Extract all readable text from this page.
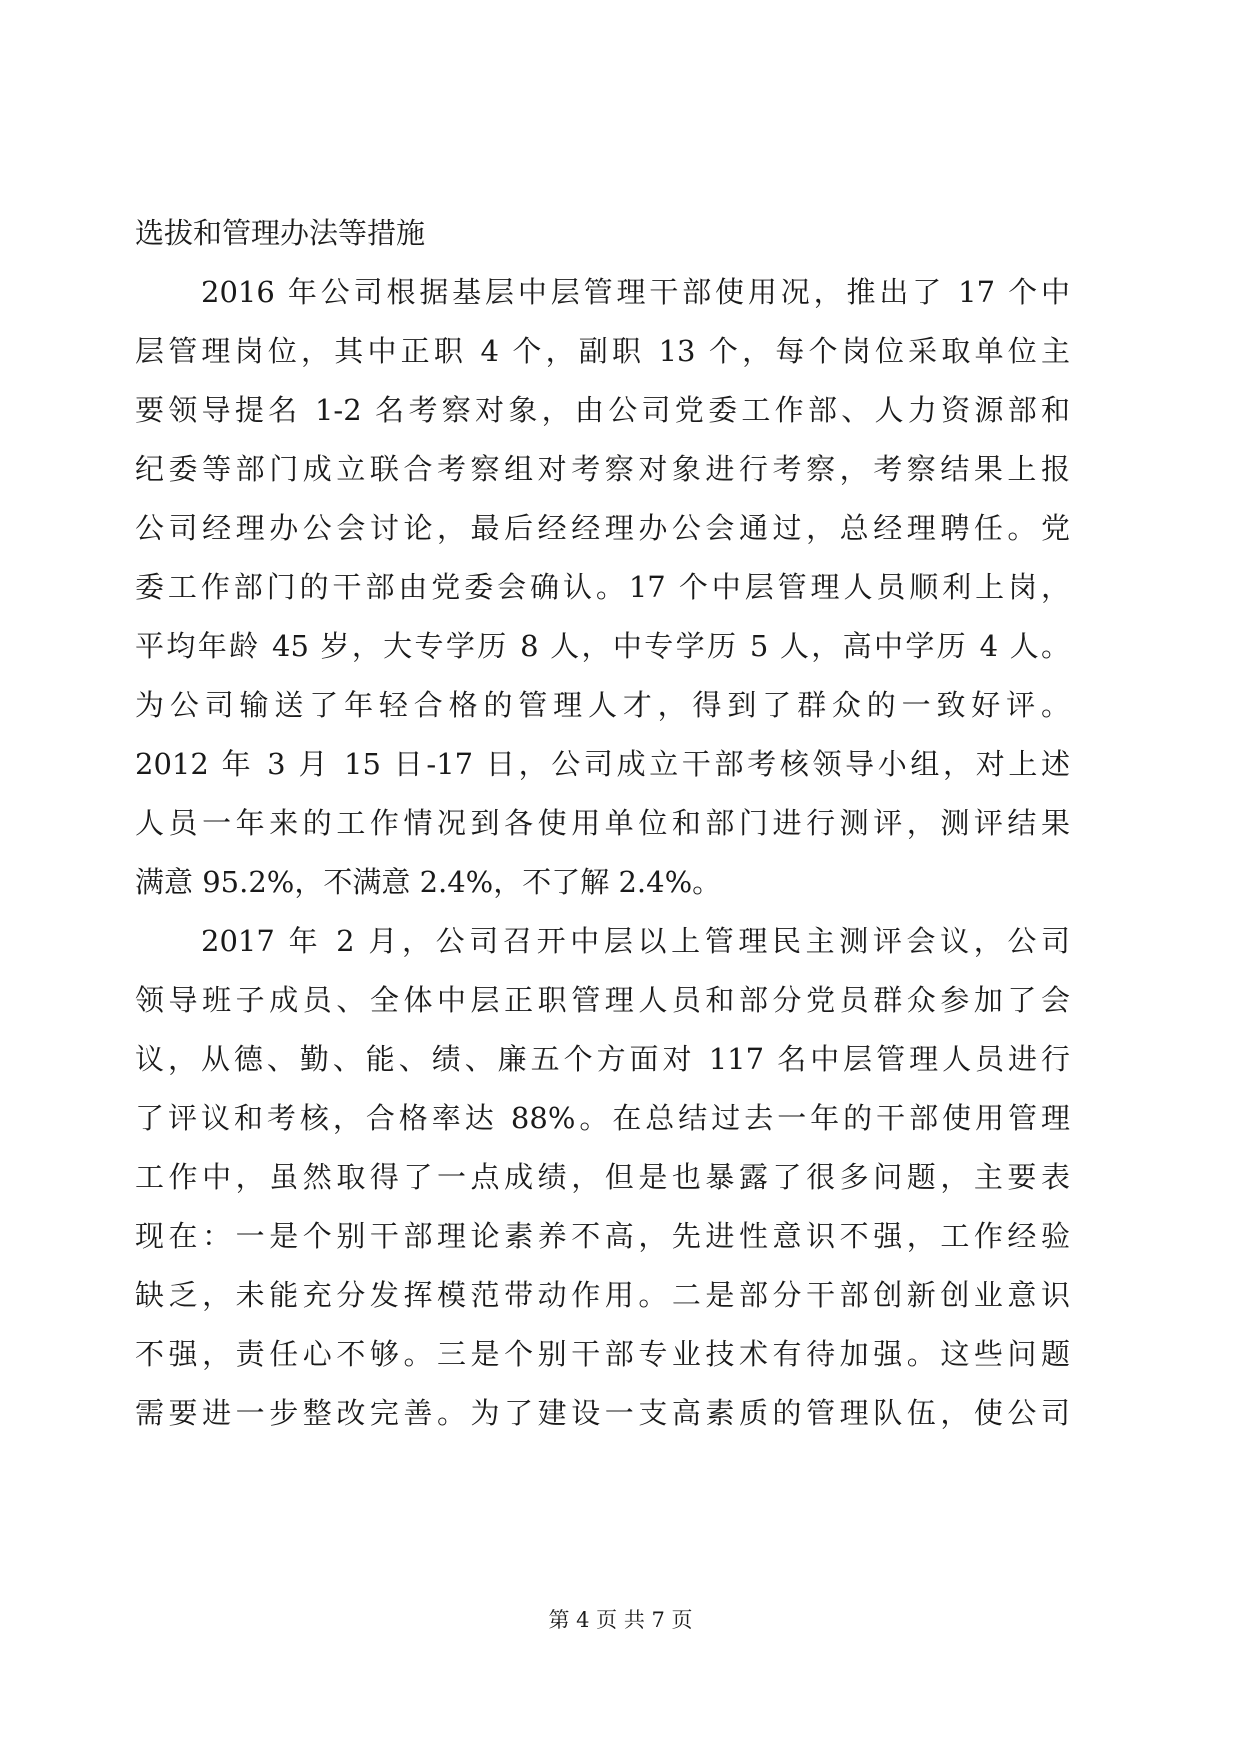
选拔和管理办法等措施
2016 年公司根据基层中层管理干部使用况，推出了 17 个中
层管理岗位，其中正职 4 个，副职 13 个，每个岗位采取单位主
要领导提名 1-2 名考察对象，由公司党委工作部、人力资源部和
纪委等部门成立联合考察组对考察对象进行考察，考察结果上报
公司经理办公会讨论，最后经经理办公会通过，总经理聘任。党
委工作部门的干部由党委会确认。17 个中层管理人员顺利上岗，
平均年龄 45 岁，大专学历 8 人，中专学历 5 人，高中学历 4 人。
为公司输送了年轻合格的管理人才，得到了群众的一致好评。
2012 年 3 月 15 日-17 日，公司成立干部考核领导小组，对上述
人员一年来的工作情况到各使用单位和部门进行测评，测评结果
满意 95.2%，不满意 2.4%，不了解 2.4%。
2017 年 2 月，公司召开中层以上管理民主测评会议，公司
领导班子成员、全体中层正职管理人员和部分党员群众参加了会
议，从德、勤、能、绩、廉五个方面对 117 名中层管理人员进行
了评议和考核，合格率达 88%。在总结过去一年的干部使用管理
工作中，虽然取得了一点成绩，但是也暴露了很多问题，主要表
现在：一是个别干部理论素养不高，先进性意识不强，工作经验
缺乏，未能充分发挥模范带动作用。二是部分干部创新创业意识
不强，责任心不够。三是个别干部专业技术有待加强。这些问题
需要进一步整改完善。为了建设一支高素质的管理队伍，使公司
第 4 页 共 7 页
